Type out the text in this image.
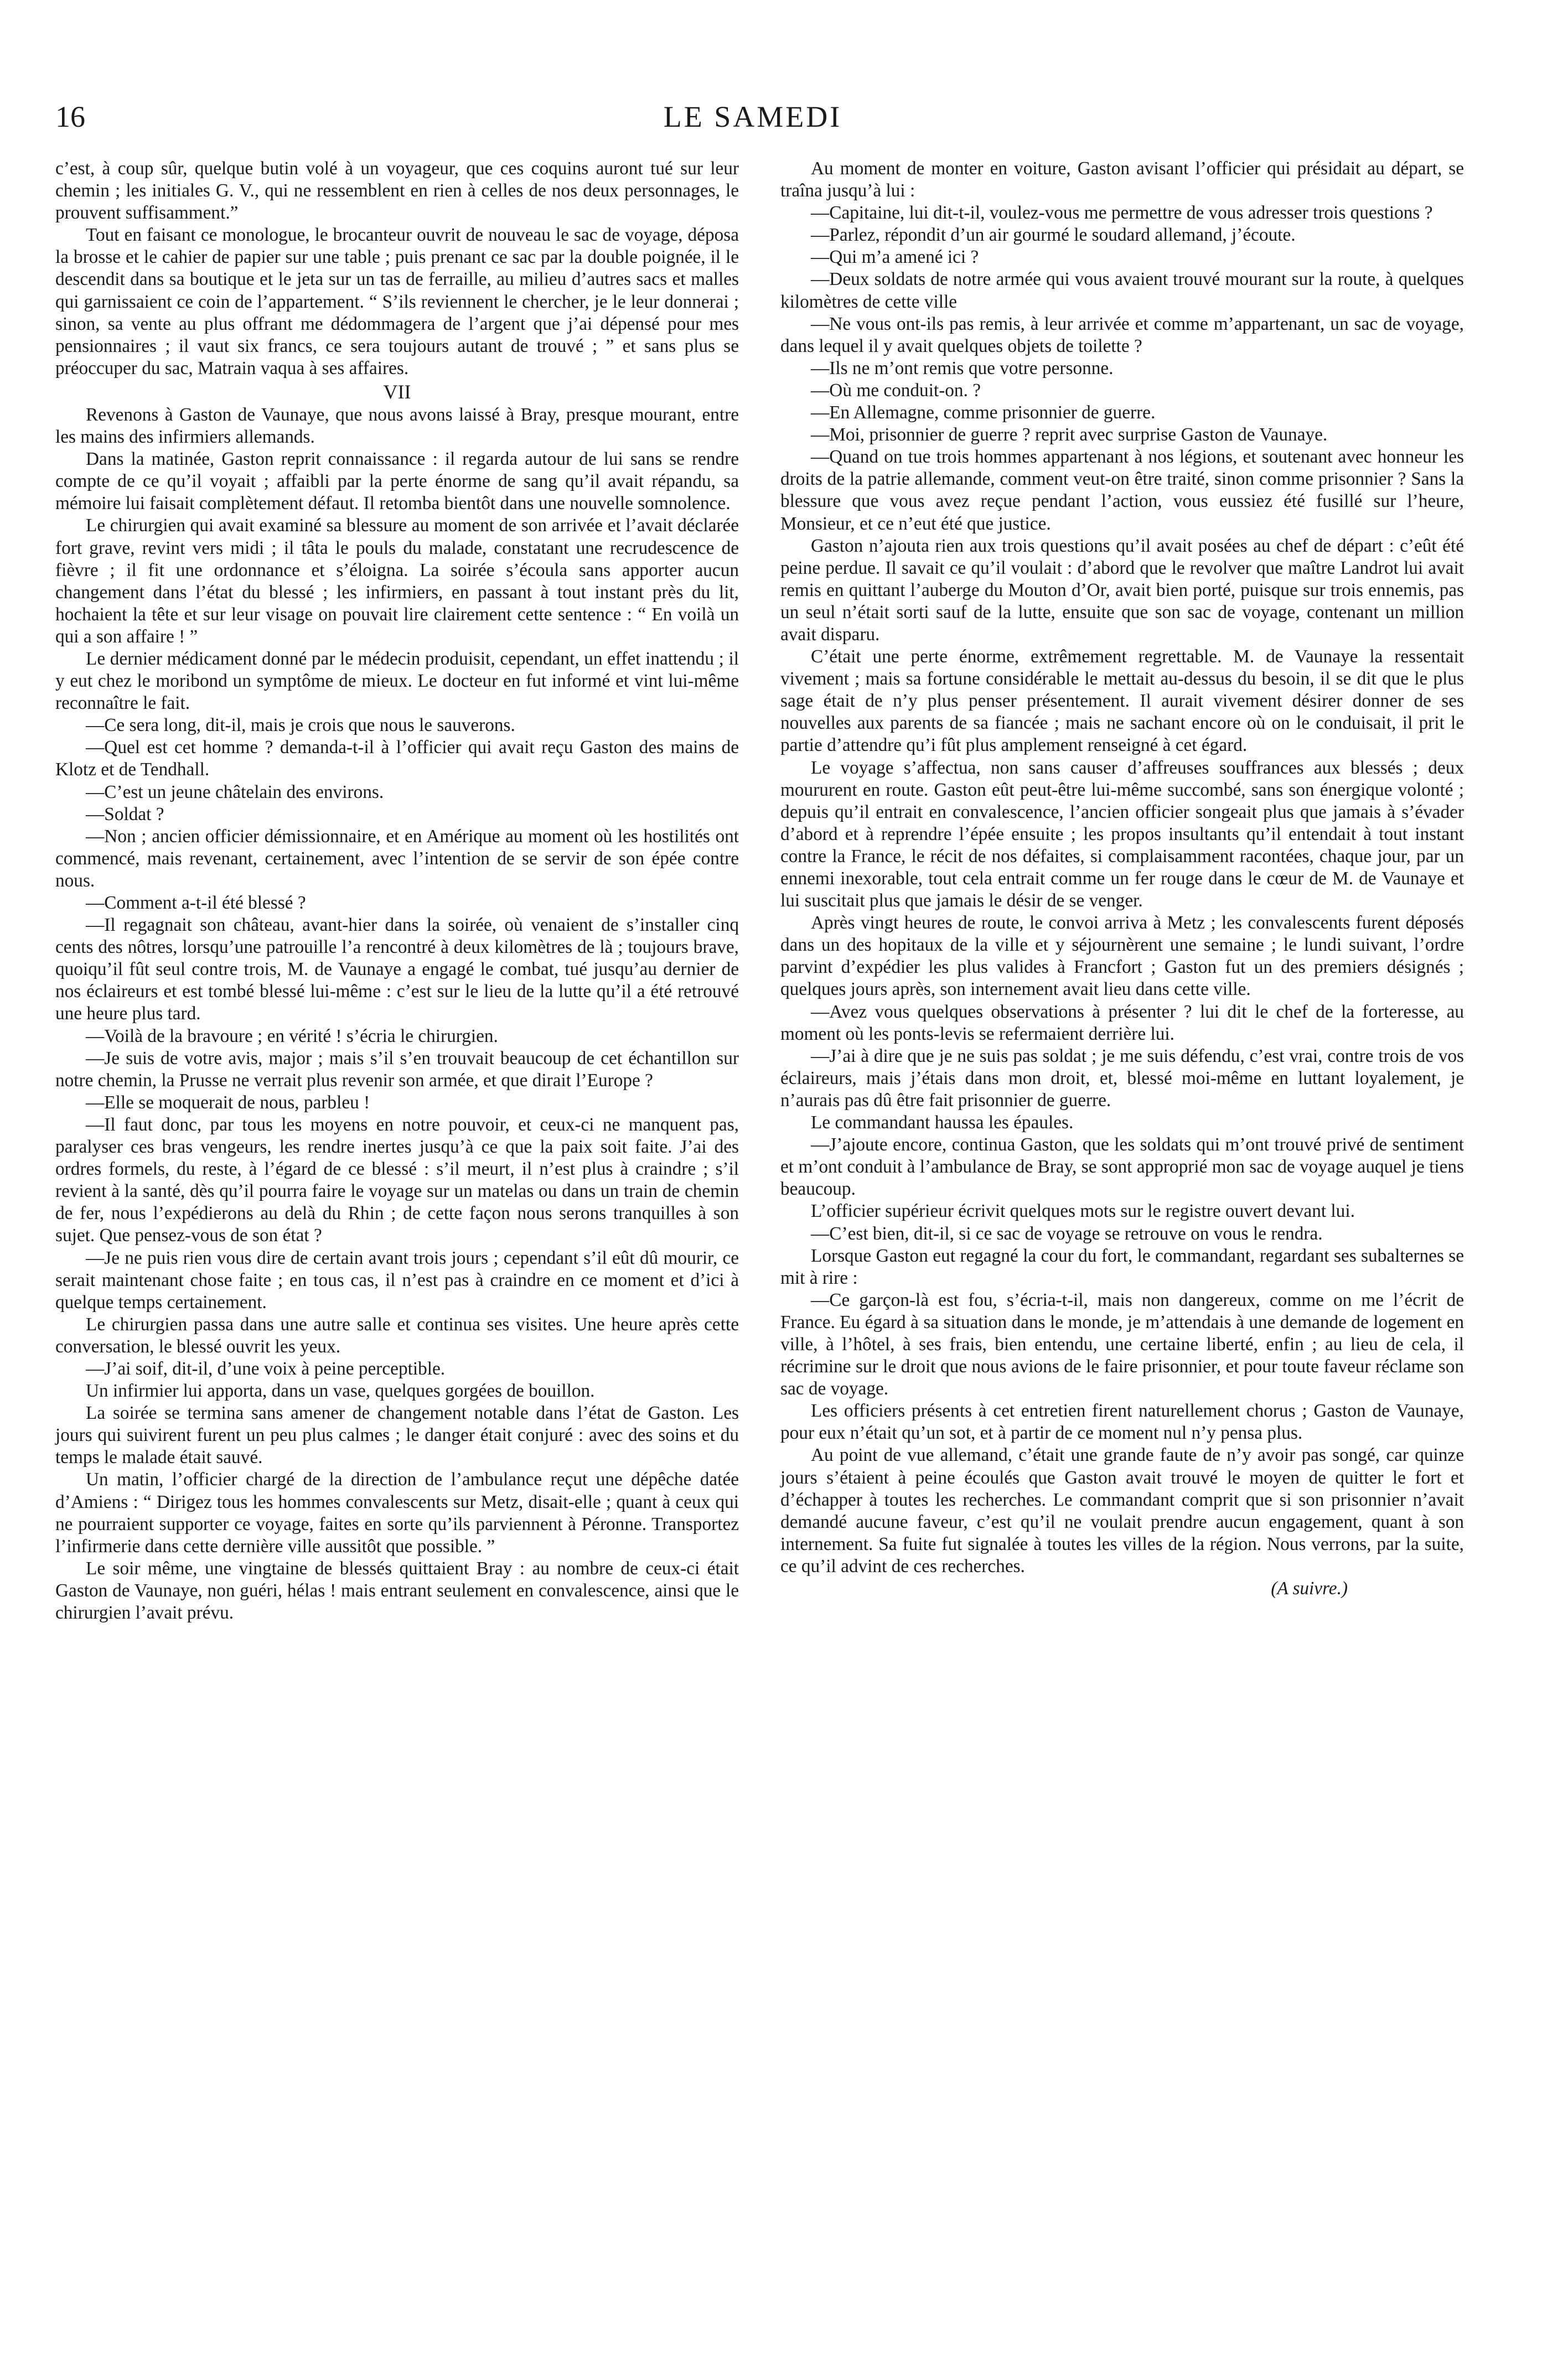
16	LE SAMEDI

c’est, à coup sûr, quelque butin volé à un voyageur, que ces coquins auront tué sur leur chemin ; les initiales G. V., qui ne ressemblent en rien à celles de nos deux personnages, le prouvent suffisamment.”

Tout en faisant ce monologue, le brocanteur ouvrit de nouveau le sac de voyage, déposa la brosse et le cahier de papier sur une table ; puis prenant ce sac par la double poignée, il le descendit dans sa boutique et le jeta sur un tas de ferraille, au milieu d’autres sacs et malles qui garnissaient ce coin de l’appartement. “ S’ils reviennent le chercher, je le leur donnerai ; sinon, sa vente au plus offrant me dédommagera de l’argent que j’ai dépensé pour mes pensionnaires ; il vaut six francs, ce sera toujours autant de trouvé ; ” et sans plus se préoccuper du sac, Matrain vaqua à ses affaires.

VII

Revenons à Gaston de Vaunaye, que nous avons laissé à Bray, presque mourant, entre les mains des infirmiers allemands.

Dans la matinée, Gaston reprit connaissance : il regarda autour de lui sans se rendre compte de ce qu’il voyait ; affaibli par la perte énorme de sang qu’il avait répandu, sa mémoire lui faisait complètement défaut. Il retomba bientôt dans une nouvelle somnolence.

Le chirurgien qui avait examiné sa blessure au moment de son arrivée et l’avait déclarée fort grave, revint vers midi ; il tâta le pouls du malade, constatant une recrudescence de fièvre ; il fit une ordonnance et s’éloigna. La soirée s’écoula sans apporter aucun changement dans l’état du blessé ; les infirmiers, en passant à tout instant près du lit, hochaient la tête et sur leur visage on pouvait lire clairement cette sentence : “ En voilà un qui a son affaire ! ”

Le dernier médicament donné par le médecin produisit, cependant, un effet inattendu ; il y eut chez le moribond un symptôme de mieux. Le docteur en fut informé et vint lui-même reconnaître le fait.

—Ce sera long, dit-il, mais je crois que nous le sauverons.

—Quel est cet homme ? demanda-t-il à l’officier qui avait reçu Gaston des mains de Klotz et de Tendhall.

—C’est un jeune châtelain des environs.

—Soldat ?

—Non ; ancien officier démissionnaire, et en Amérique au moment où les hostilités ont commencé, mais revenant, certainement, avec l’intention de se servir de son épée contre nous.

—Comment a-t-il été blessé ?

—Il regagnait son château, avant-hier dans la soirée, où venaient de s’installer cinq cents des nôtres, lorsqu’une patrouille l’a rencontré à deux kilomètres de là ; toujours brave, quoiqu’il fût seul contre trois, M. de Vaunaye a engagé le combat, tué jusqu’au dernier de nos éclaireurs et est tombé blessé lui-même : c’est sur le lieu de la lutte qu’il a été retrouvé une heure plus tard.

—Voilà de la bravoure ; en vérité ! s’écria le chirurgien.

—Je suis de votre avis, major ; mais s’il s’en trouvait beaucoup de cet échantillon sur notre chemin, la Prusse ne verrait plus revenir son armée, et que dirait l’Europe ?

—Elle se moquerait de nous, parbleu !

—Il faut donc, par tous les moyens en notre pouvoir, et ceux-ci ne manquent pas, paralyser ces bras vengeurs, les rendre inertes jusqu’à ce que la paix soit faite. J’ai des ordres formels, du reste, à l’égard de ce blessé : s’il meurt, il n’est plus à craindre ; s’il revient à la santé, dès qu’il pourra faire le voyage sur un matelas ou dans un train de chemin de fer, nous l’expédierons au delà du Rhin ; de cette façon nous serons tranquilles à son sujet. Que pensez-vous de son état ?

—Je ne puis rien vous dire de certain avant trois jours ; cependant s’il eût dû mourir, ce serait maintenant chose faite ; en tous cas, il n’est pas à craindre en ce moment et d’ici à quelque temps certainement.

Le chirurgien passa dans une autre salle et continua ses visites. Une heure après cette conversation, le blessé ouvrit les yeux.

—J’ai soif, dit-il, d’une voix à peine perceptible.

Un infirmier lui apporta, dans un vase, quelques gorgées de bouillon.

La soirée se termina sans amener de changement notable dans l’état de Gaston. Les jours qui suivirent furent un peu plus calmes ; le danger était conjuré : avec des soins et du temps le malade était sauvé.

Un matin, l’officier chargé de la direction de l’ambulance reçut une dépêche datée d’Amiens : “ Dirigez tous les hommes convalescents sur Metz, disait-elle ; quant à ceux qui ne pourraient supporter ce voyage, faites en sorte qu’ils parviennent à Péronne. Transportez l’infirmerie dans cette dernière ville aussitôt que possible. ”

Le soir même, une vingtaine de blessés quittaient Bray : au nombre de ceux-ci était Gaston de Vaunaye, non guéri, hélas ! mais entrant seulement en convalescence, ainsi que le chirurgien l’avait prévu.

Au moment de monter en voiture, Gaston avisant l’officier qui présidait au départ, se traîna jusqu’à lui :

—Capitaine, lui dit-t-il, voulez-vous me permettre de vous adresser trois questions ?

—Parlez, répondit d’un air gourmé le soudard allemand, j’écoute.

—Qui m’a amené ici ?

—Deux soldats de notre armée qui vous avaient trouvé mourant sur la route, à quelques kilomètres de cette ville

—Ne vous ont-ils pas remis, à leur arrivée et comme m’appartenant, un sac de voyage, dans lequel il y avait quelques objets de toilette ?

—Ils ne m’ont remis que votre personne.

—Où me conduit-on. ?

—En Allemagne, comme prisonnier de guerre.

—Moi, prisonnier de guerre ? reprit avec surprise Gaston de Vaunaye.

—Quand on tue trois hommes appartenant à nos légions, et soutenant avec honneur les droits de la patrie allemande, comment veut-on être traité, sinon comme prisonnier ? Sans la blessure que vous avez reçue pendant l’action, vous eussiez été fusillé sur l’heure, Monsieur, et ce n’eut été que justice.

Gaston n’ajouta rien aux trois questions qu’il avait posées au chef de départ : c’eût été peine perdue. Il savait ce qu’il voulait : d’abord que le revolver que maître Landrot lui avait remis en quittant l’auberge du Mouton d’Or, avait bien porté, puisque sur trois ennemis, pas un seul n’était sorti sauf de la lutte, ensuite que son sac de voyage, contenant un million avait disparu.

C’était une perte énorme, extrêmement regrettable. M. de Vaunaye la ressentait vivement ; mais sa fortune considérable le mettait au-dessus du besoin, il se dit que le plus sage était de n’y plus penser présentement. Il aurait vivement désirer donner de ses nouvelles aux parents de sa fiancée ; mais ne sachant encore où on le conduisait, il prit le partie d’attendre qu’i fût plus amplement renseigné à cet égard.

Le voyage s’affectua, non sans causer d’affreuses souffrances aux blessés ; deux moururent en route. Gaston eût peut-être lui-même succombé, sans son énergique volonté ; depuis qu’il entrait en convalescence, l’ancien officier songeait plus que jamais à s’évader d’abord et à reprendre l’épée ensuite ; les propos insultants qu’il entendait à tout instant contre la France, le récit de nos défaites, si complaisamment racontées, chaque jour, par un ennemi inexorable, tout cela entrait comme un fer rouge dans le cœur de M. de Vaunaye et lui suscitait plus que jamais le désir de se venger.

Après vingt heures de route, le convoi arriva à Metz ; les convalescents furent déposés dans un des hopitaux de la ville et y séjournèrent une semaine ; le lundi suivant, l’ordre parvint d’expédier les plus valides à Francfort ; Gaston fut un des premiers désignés ; quelques jours après, son internement avait lieu dans cette ville.

—Avez vous quelques observations à présenter ? lui dit le chef de la forteresse, au moment où les ponts-levis se refermaient derrière lui.

—J’ai à dire que je ne suis pas soldat ; je me suis défendu, c’est vrai, contre trois de vos éclaireurs, mais j’étais dans mon droit, et, blessé moi-même en luttant loyalement, je n’aurais pas dû être fait prisonnier de guerre.

Le commandant haussa les épaules.

—J’ajoute encore, continua Gaston, que les soldats qui m’ont trouvé privé de sentiment et m’ont conduit à l’ambulance de Bray, se sont approprié mon sac de voyage auquel je tiens beaucoup.

L’officier supérieur écrivit quelques mots sur le registre ouvert devant lui.

—C’est bien, dit-il, si ce sac de voyage se retrouve on vous le rendra.

Lorsque Gaston eut regagné la cour du fort, le commandant, regardant ses subalternes se mit à rire :

—Ce garçon-là est fou, s’écria-t-il, mais non dangereux, comme on me l’écrit de France. Eu égard à sa situation dans le monde, je m’attendais à une demande de logement en ville, à l’hôtel, à ses frais, bien entendu, une certaine liberté, enfin ; au lieu de cela, il récrimine sur le droit que nous avions de le faire prisonnier, et pour toute faveur réclame son sac de voyage.

Les officiers présents à cet entretien firent naturellement chorus ; Gaston de Vaunaye, pour eux n’était qu’un sot, et à partir de ce moment nul n’y pensa plus.

Au point de vue allemand, c’était une grande faute de n’y avoir pas songé, car quinze jours s’étaient à peine écoulés que Gaston avait trouvé le moyen de quitter le fort et d’échapper à toutes les recherches. Le commandant comprit que si son prisonnier n’avait demandé aucune faveur, c’est qu’il ne voulait prendre aucun engagement, quant à son internement. Sa fuite fut signalée à toutes les villes de la région. Nous verrons, par la suite, ce qu’il advint de ces recherches.

(A suivre.)
